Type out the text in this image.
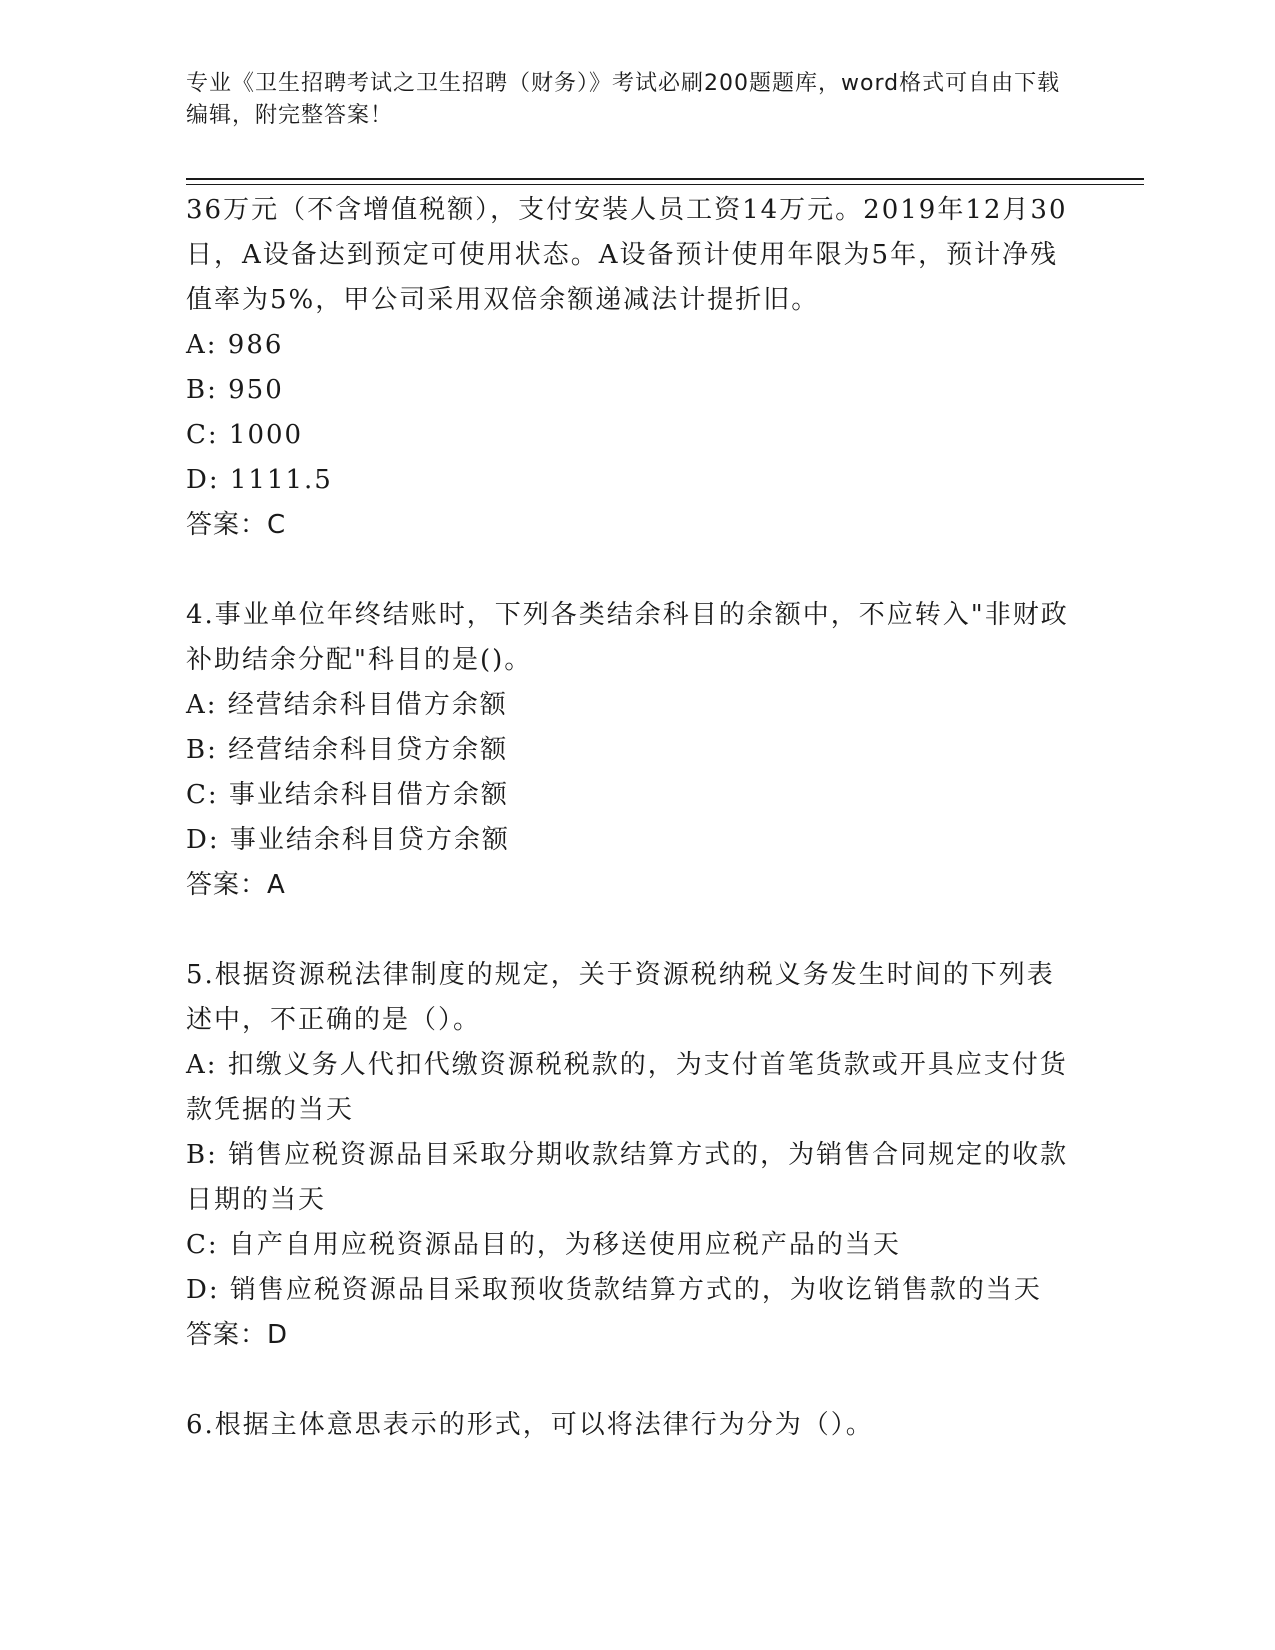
专业《卫生招聘考试之卫生招聘（财务）》考试必刷200题题库，word格式可自由下载编辑，附完整答案！

36万元（不含增值税额），支付安装人员工资14万元。2019年12月30日，A设备达到预定可使用状态。A设备预计使用年限为5年，预计净残值率为5%，甲公司采用双倍余额递减法计提折旧。

A: 986

B: 950

C: 1000

D: 1111.5

答案：C

4.事业单位年终结账时，下列各类结余科目的余额中，不应转入"非财政补助结余分配"科目的是()。

A: 经营结余科目借方余额

B: 经营结余科目贷方余额

C: 事业结余科目借方余额

D: 事业结余科目贷方余额

答案：A

5.根据资源税法律制度的规定，关于资源税纳税义务发生时间的下列表述中，不正确的是（）。

A: 扣缴义务人代扣代缴资源税税款的，为支付首笔货款或开具应支付货款凭据的当天

B: 销售应税资源品目采取分期收款结算方式的，为销售合同规定的收款日期的当天

C: 自产自用应税资源品目的，为移送使用应税产品的当天

D: 销售应税资源品目采取预收货款结算方式的，为收讫销售款的当天

答案：D

6.根据主体意思表示的形式，可以将法律行为分为（）。
